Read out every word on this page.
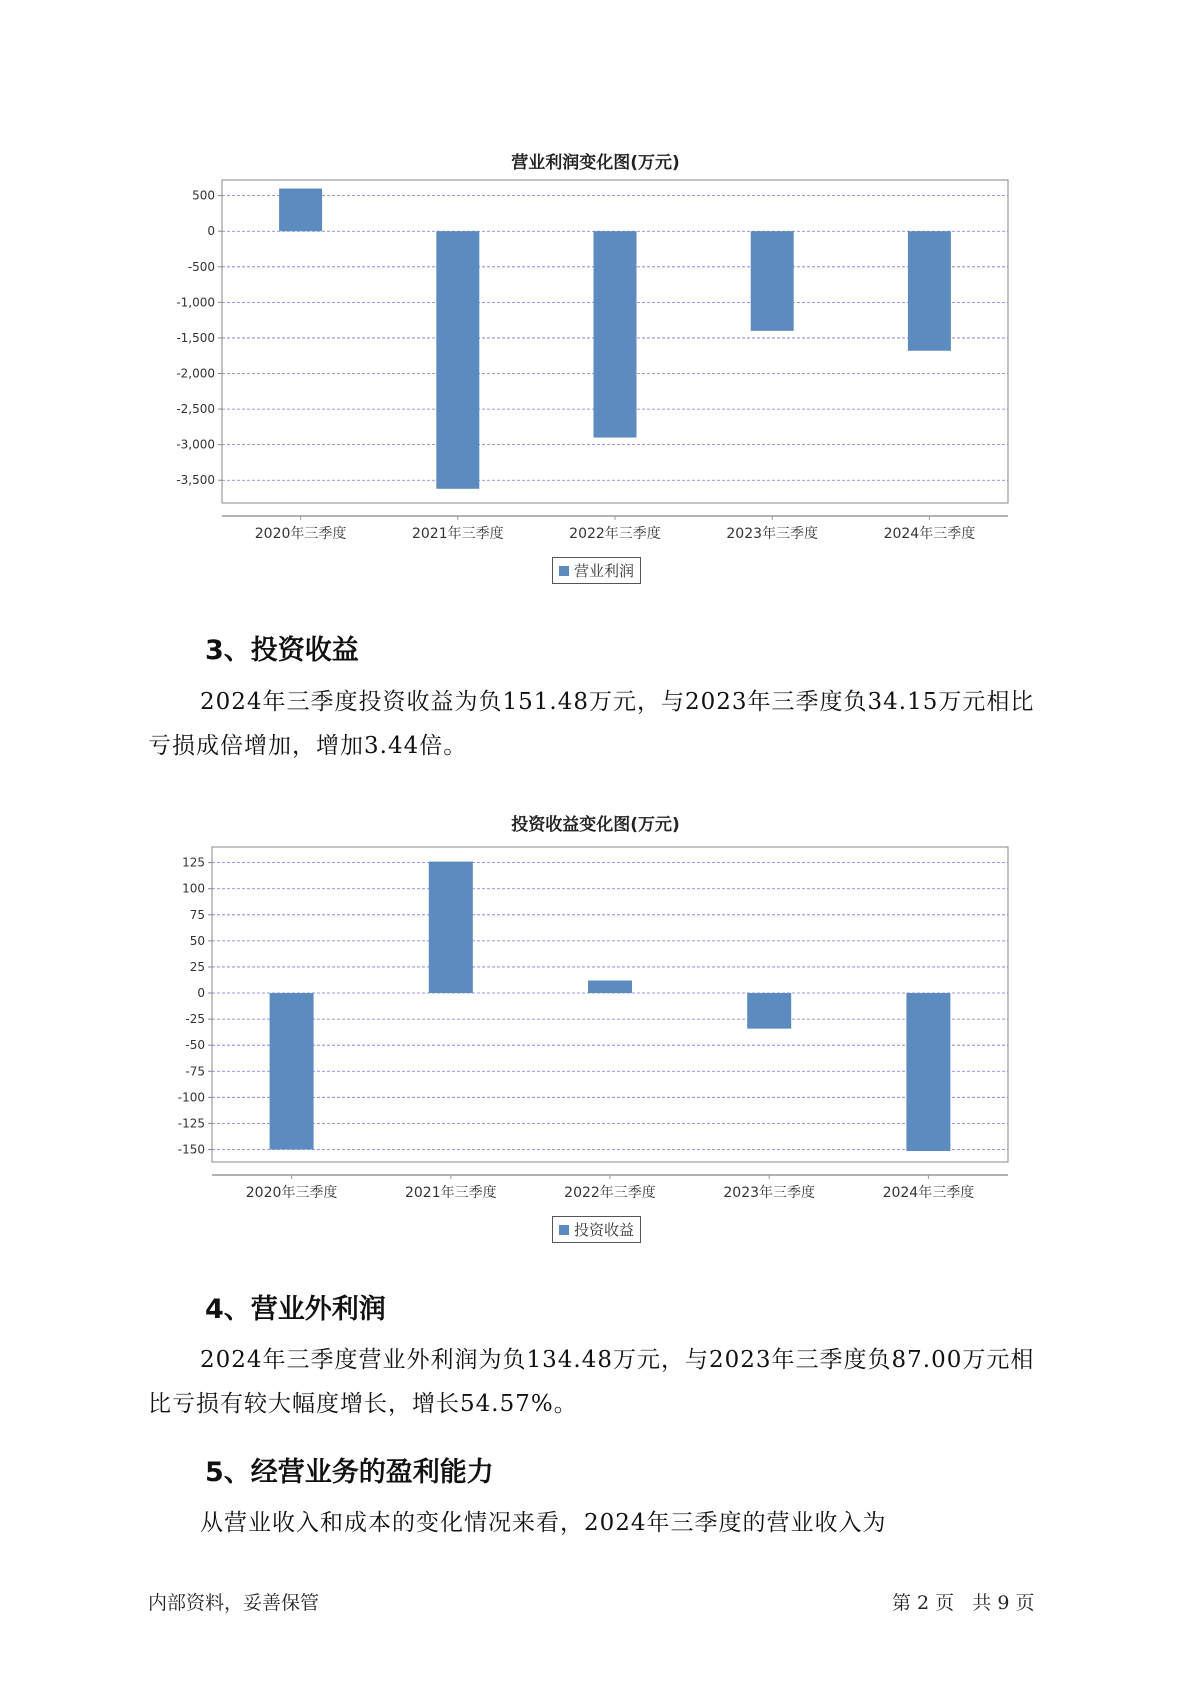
营业利润变化图(万元)
500
0
-500
-1,000
-1,500
-2,000
-2,500
-3,000
-3,500
2020年三季度	2021年三季度	2022年三季度	2023年三季度	2024年三季度
营业利润
3、投资收益
2024年三季度投资收益为负151.48万元，与2023年三季度负34.15万元相比亏损成倍增加，增加3.44倍。
投资收益变化图(万元)
125
100
75
50
25
0
-25
-50
-75
-100
-125
-150
2020年三季度	2021年三季度	2022年三季度	2023年三季度	2024年三季度
投资收益
4、营业外利润
2024年三季度营业外利润为负134.48万元，与2023年三季度负87.00万元相比亏损有较大幅度增长，增长54.57%。
5、经营业务的盈利能力
从营业收入和成本的变化情况来看，2024年三季度的营业收入为
内部资料，妥善保管	第 2 页   共 9 页
